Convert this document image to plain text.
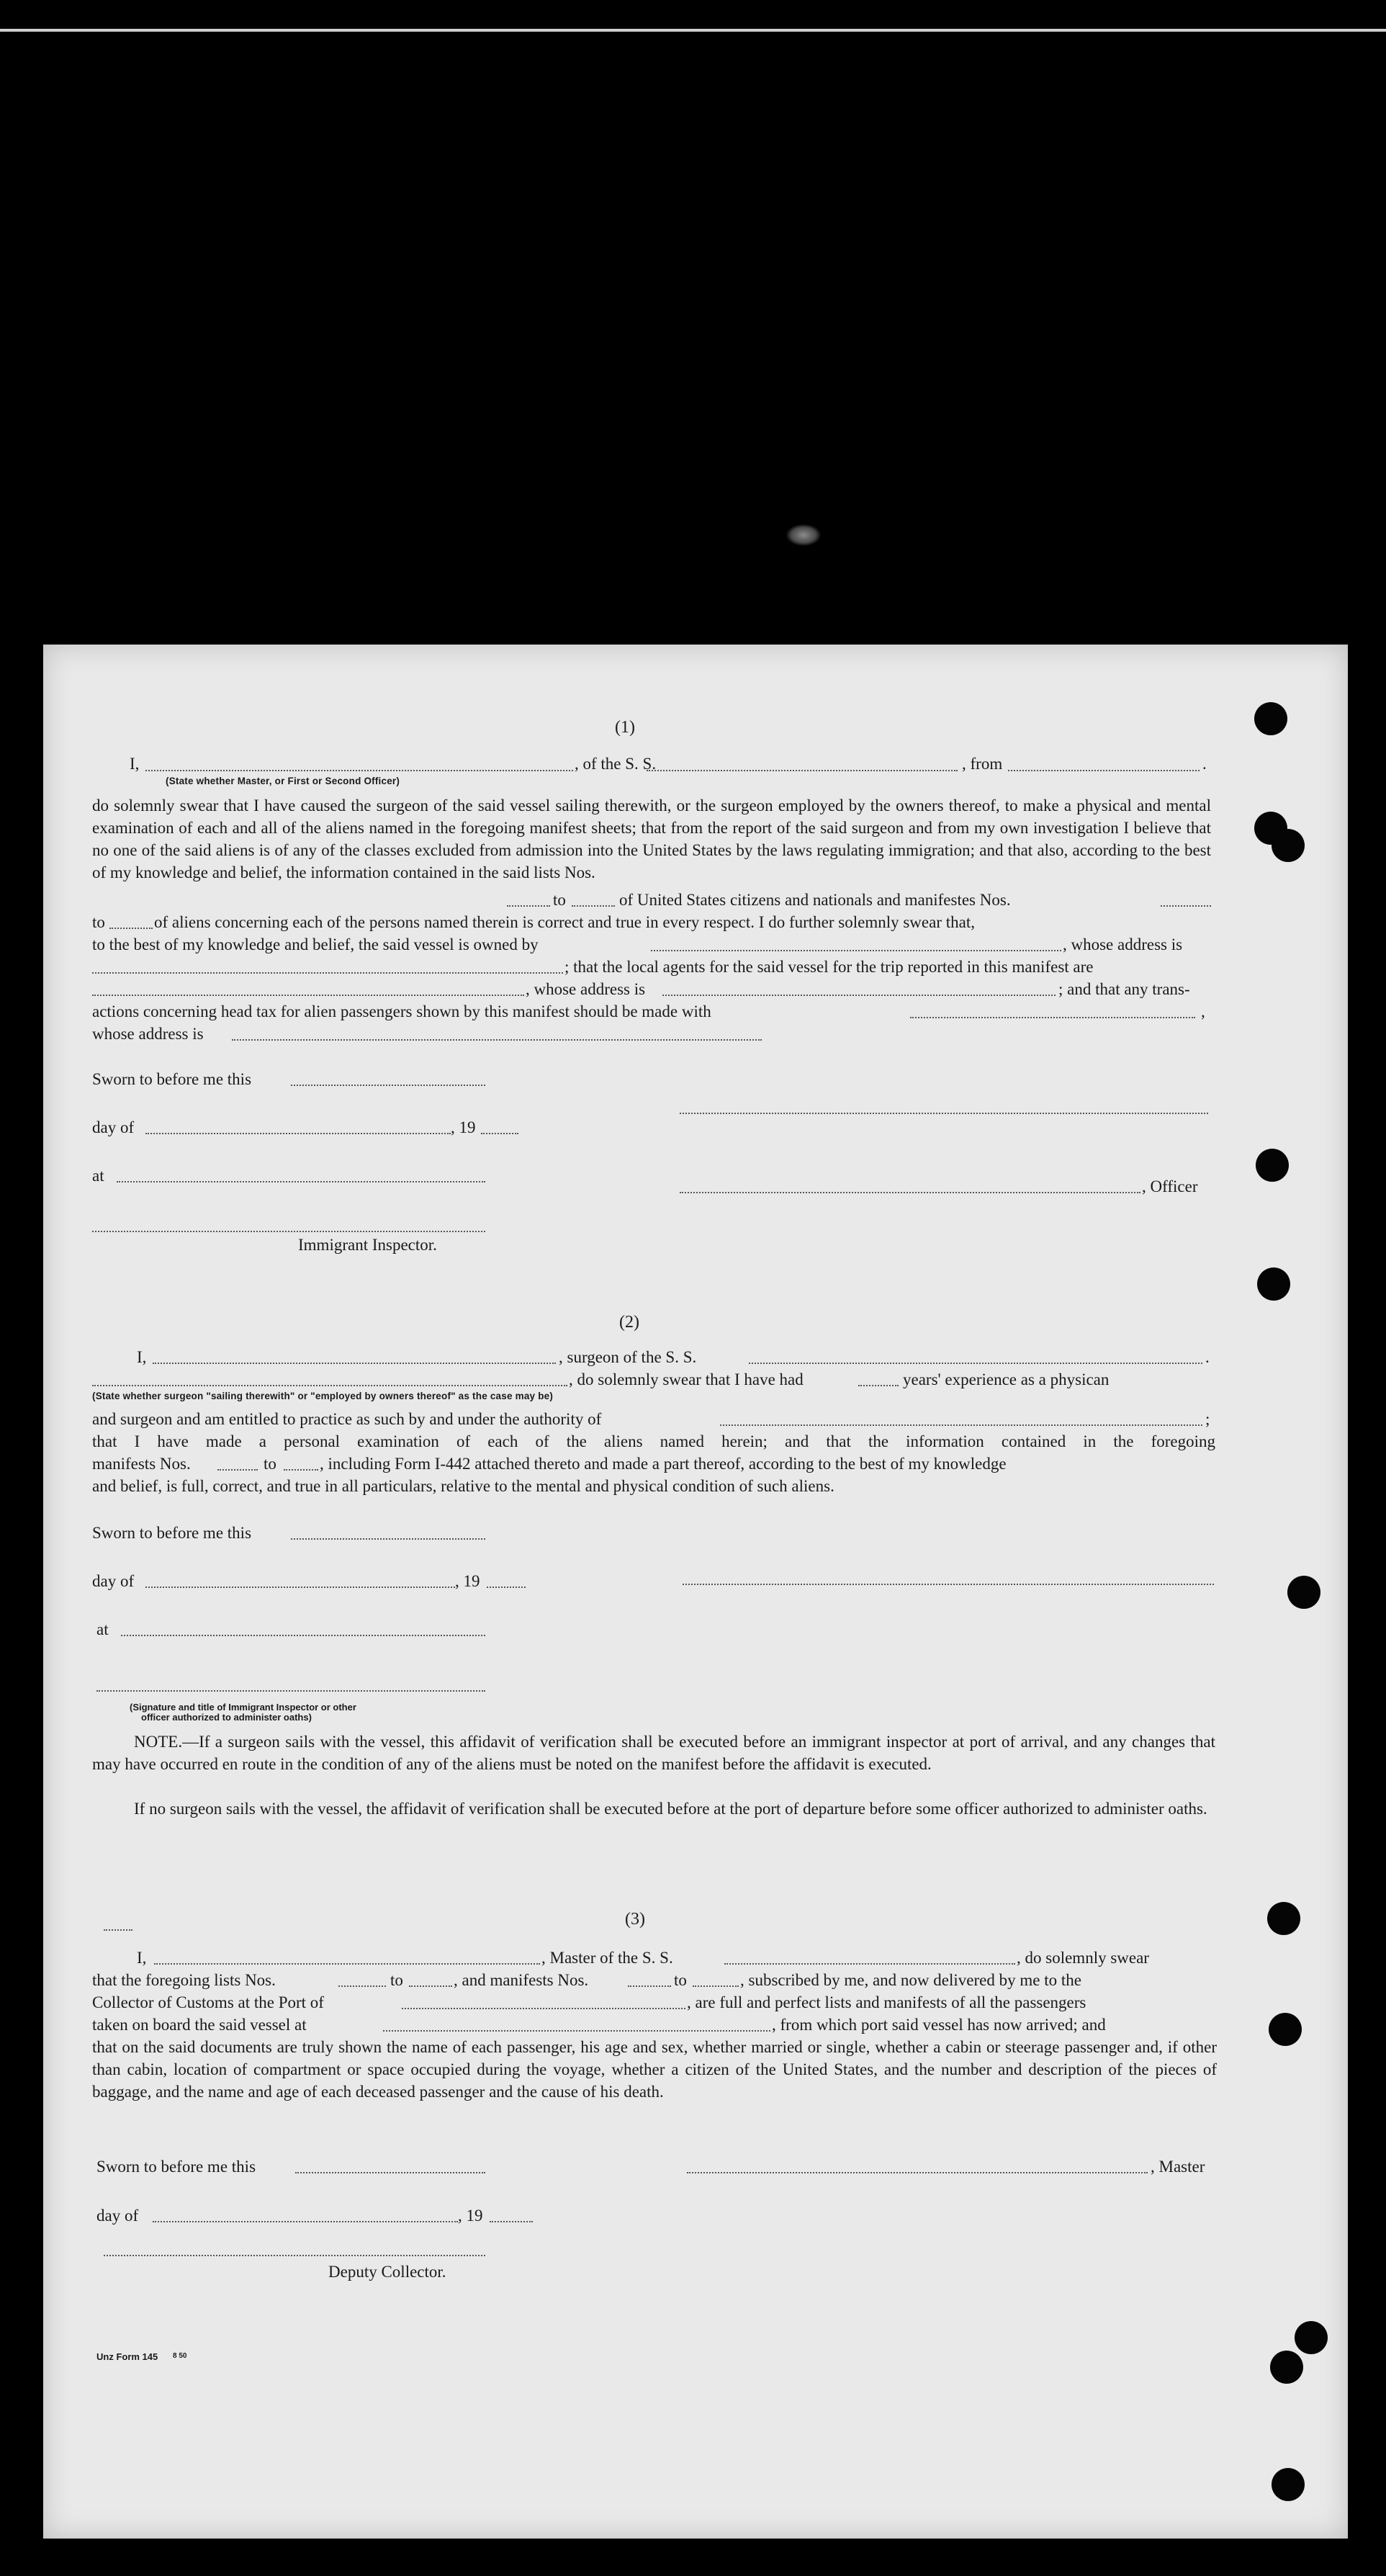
(1)
I,	, of the S. S.	, from	.
(State whether Master, or First or Second Officer)
do solemnly swear that I have caused the surgeon of the said vessel sailing therewith, or the surgeon employed by the owners thereof, to make a physical and mental examination of each and all of the aliens named in the foregoing manifest sheets; that from the report of the said surgeon and from my own investigation I believe that no one of the said aliens is of any of the classes excluded from admission into the United States by the laws regulating immigration; and that also, according to the best of my knowledge and belief, the information contained in the said lists Nos.
to	of United States citizens and nationals and manifestes Nos.
to	of aliens concerning each of the persons named therein is correct and true in every respect. I do further solemnly swear that,
to the best of my knowledge and belief, the said vessel is owned by	, whose address is
; that the local agents for the said vessel for the trip reported in this manifest are
, whose address is	; and that any trans-
actions concerning head tax for alien passengers shown by this manifest should be made with	,
whose address is
Sworn to before me this
day of	, 19
at
, Officer
Immigrant Inspector.
(2)
I,	, surgeon of the S. S.	.
, do solemnly swear that I have had	years' experience as a physican
(State whether surgeon "sailing therewith" or "employed by owners thereof" as the case may be)
and surgeon and am entitled to practice as such by and under the authority of	;
that I have made a personal examination of each of the aliens named herein; and that the information contained in the foregoing
manifests Nos.	to	, including Form I-442 attached thereto and made a part thereof, according to the best of my knowledge
and belief, is full, correct, and true in all particulars, relative to the mental and physical condition of such aliens.
Sworn to before me this
day of	, 19
at
(Signature and title of Immigrant Inspector or other
officer authorized to administer oaths)
NOTE.—If a surgeon sails with the vessel, this affidavit of verification shall be executed before an immigrant inspector at port of arrival, and any changes that may have occurred en route in the condition of any of the aliens must be noted on the manifest before the affidavit is executed.
If no surgeon sails with the vessel, the affidavit of verification shall be executed before at the port of departure before some officer authorized to administer oaths.
(3)
I,	, Master of the S. S.	, do solemnly swear
that the foregoing lists Nos.	to	, and manifests Nos.	to	, subscribed by me, and now delivered by me to the
Collector of Customs at the Port of	, are full and perfect lists and manifests of all the passengers
taken on board the said vessel at	, from which port said vessel has now arrived; and
that on the said documents are truly shown the name of each passenger, his age and sex, whether married or single, whether a cabin or steerage passenger and, if other than cabin, location of compartment or space occupied during the voyage, whether a citizen of the United States, and the number and description of the pieces of baggage, and the name and age of each deceased passenger and the cause of his death.
Sworn to before me this	, Master
day of	, 19
Deputy Collector.
Unz Form 145 8 50
